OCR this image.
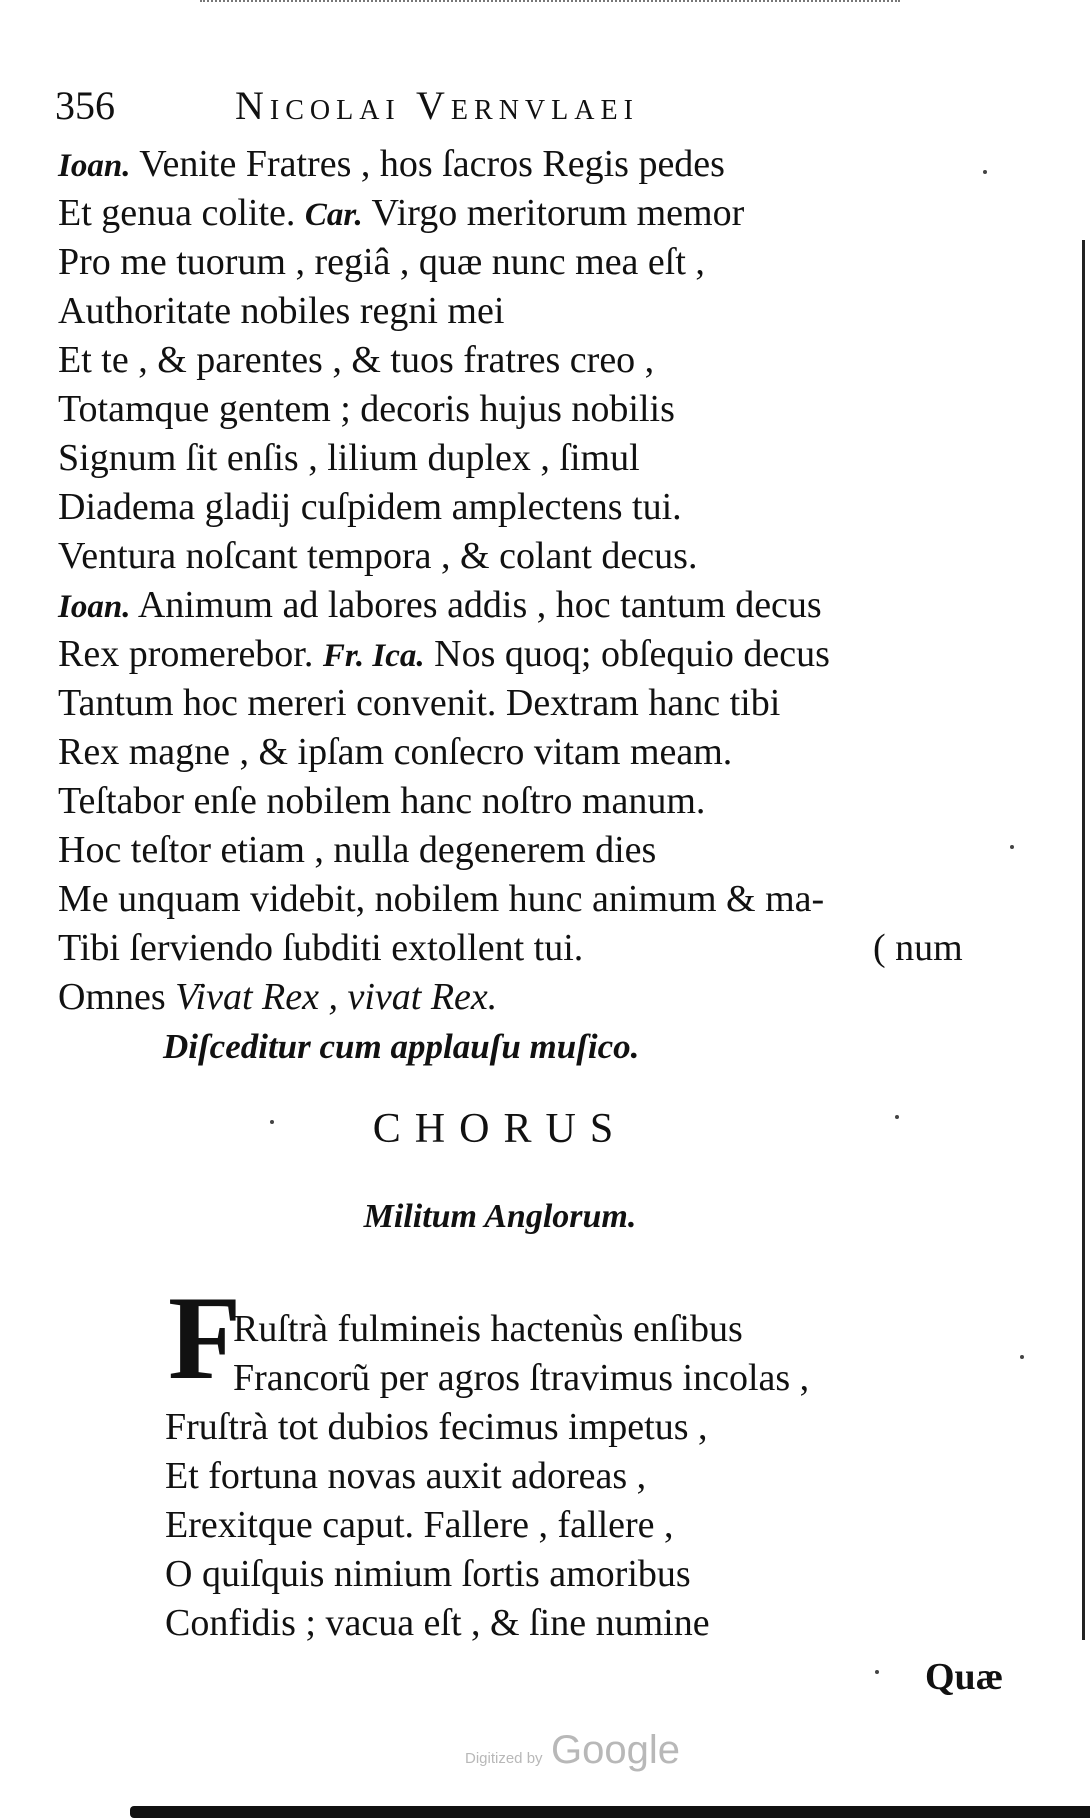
356	Nicolai Vernvlaei
Ioan. Venite Fratres , hos ſacros Regis pedes
Et genua colite. Car. Virgo meritorum memor
Pro me tuorum , regiâ , quæ nunc mea eſt ,
Authoritate nobiles regni mei
Et te , & parentes , & tuos fratres creo ,
Totamque gentem ; decoris hujus nobilis
Signum ſit enſis , lilium duplex , ſimul
Diadema gladij cuſpidem amplectens tui.
Ventura noſcant tempora , & colant decus.
Ioan. Animum ad labores addis , hoc tantum decus
Rex promerebor. Fr. Ica. Nos quoq; obſequio decus
Tantum hoc mereri convenit. Dextram hanc tibi
Rex magne , & ipſam conſecro vitam meam.
Teſtabor enſe nobilem hanc noſtro manum.
Hoc teſtor etiam , nulla degenerem dies
Me unquam videbit, nobilem hunc animum & ma-
Tibi ſerviendo ſubditi extollent tui.	( num
Omnes Vivat Rex , vivat Rex.
Diſceditur cum applauſu muſico.
CHORUS
Militum Anglorum.
F
Ruſtrà fulmineis hactenùs enſibus
Francorũ per agros ſtravimus incolas ,
Fruſtrà tot dubios fecimus impetus ,
Et fortuna novas auxit adoreas ,
Erexitque caput. Fallere , fallere ,
O quiſquis nimium ſortis amoribus
Confidis ; vacua eſt , & ſine numine
Quæ
Digitized by Google
